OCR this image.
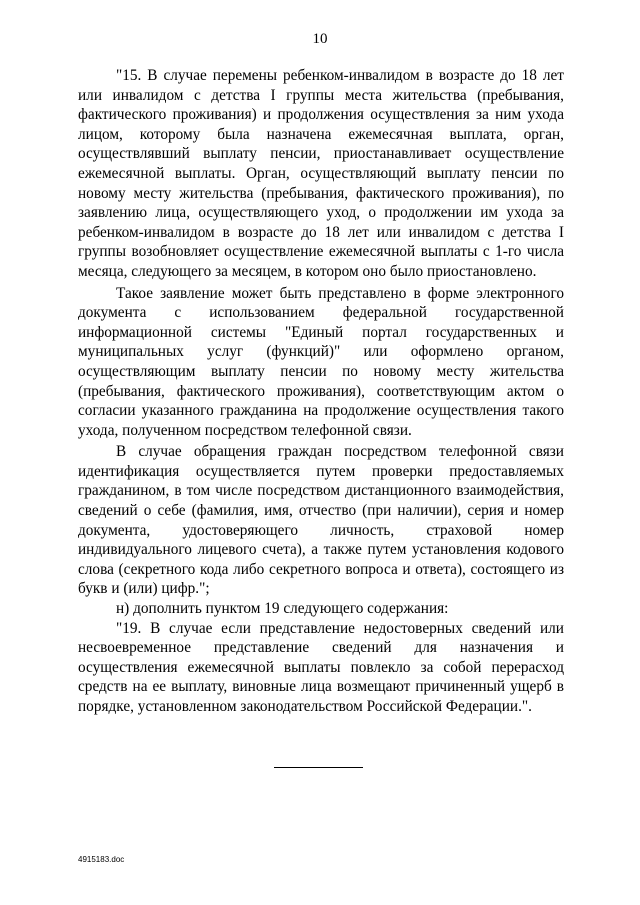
10

"15. В случае перемены ребенком-инвалидом в возрасте до 18 лет или инвалидом с детства I группы места жительства (пребывания, фактического проживания) и продолжения осуществления за ним ухода лицом, которому была назначена ежемесячная выплата, орган, осуществлявший выплату пенсии, приостанавливает осуществление ежемесячной выплаты. Орган, осуществляющий выплату пенсии по новому месту жительства (пребывания, фактического проживания), по заявлению лица, осуществляющего уход, о продолжении им ухода за ребенком-инвалидом в возрасте до 18 лет или инвалидом с детства I группы возобновляет осуществление ежемесячной выплаты с 1-го числа месяца, следующего за месяцем, в котором оно было приостановлено.

Такое заявление может быть представлено в форме электронного документа с использованием федеральной государственной информационной системы "Единый портал государственных и муниципальных услуг (функций)" или оформлено органом, осуществляющим выплату пенсии по новому месту жительства (пребывания, фактического проживания), соответствующим актом о согласии указанного гражданина на продолжение осуществления такого ухода, полученном посредством телефонной связи.

В случае обращения граждан посредством телефонной связи идентификация осуществляется путем проверки предоставляемых гражданином, в том числе посредством дистанционного взаимодействия, сведений о себе (фамилия, имя, отчество (при наличии), серия и номер документа, удостоверяющего личность, страховой номер индивидуального лицевого счета), а также путем установления кодового слова (секретного кода либо секретного вопроса и ответа), состоящего из букв и (или) цифр.";

н) дополнить пунктом 19 следующего содержания:

"19. В случае если представление недостоверных сведений или несвоевременное представление сведений для назначения и осуществления ежемесячной выплаты повлекло за собой перерасход средств на ее выплату, виновные лица возмещают причиненный ущерб в порядке, установленном законодательством Российской Федерации.".

4915183.doc
